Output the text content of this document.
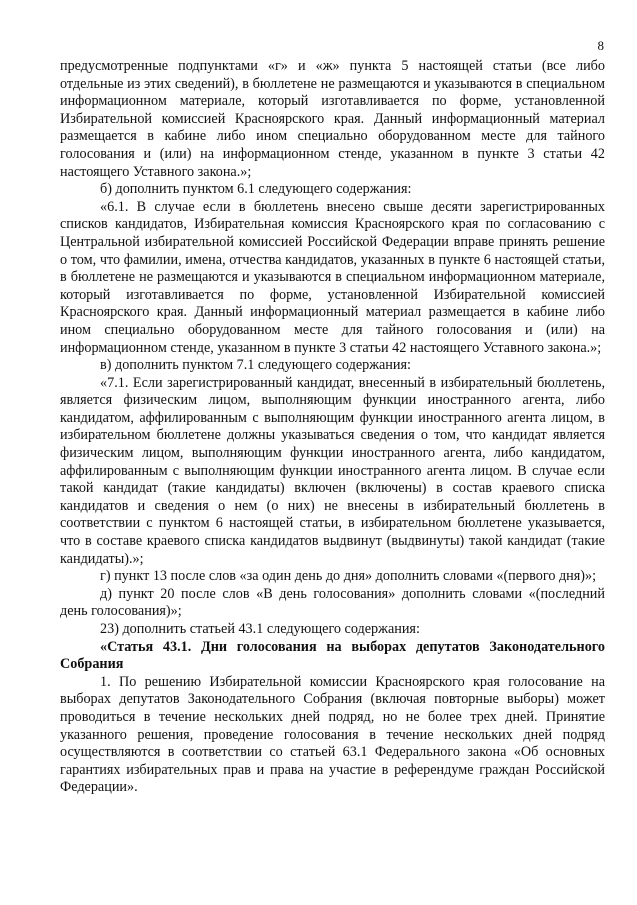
8

предусмотренные подпунктами «г» и «ж» пункта 5 настоящей статьи (все либо отдельные из этих сведений), в бюллетене не размещаются и указываются в специальном информационном материале, который изготавливается по форме, установленной Избирательной комиссией Красноярского края. Данный информационный материал размещается в кабине либо ином специально оборудованном месте для тайного голосования и (или) на информационном стенде, указанном в пункте 3 статьи 42 настоящего Уставного закона.»;

б) дополнить пунктом 6.1 следующего содержания:

«6.1. В случае если в бюллетень внесено свыше десяти зарегистрированных списков кандидатов, Избирательная комиссия Красноярского края по согласованию с Центральной избирательной комиссией Российской Федерации вправе принять решение о том, что фамилии, имена, отчества кандидатов, указанных в пункте 6 настоящей статьи, в бюллетене не размещаются и указываются в специальном информационном материале, который изготавливается по форме, установленной Избирательной комиссией Красноярского края. Данный информационный материал размещается в кабине либо ином специально оборудованном месте для тайного голосования и (или) на информационном стенде, указанном в пункте 3 статьи 42 настоящего Уставного закона.»;

в) дополнить пунктом 7.1 следующего содержания:

«7.1. Если зарегистрированный кандидат, внесенный в избирательный бюллетень, является физическим лицом, выполняющим функции иностранного агента, либо кандидатом, аффилированным с выполняющим функции иностранного агента лицом, в избирательном бюллетене должны указываться сведения о том, что кандидат является физическим лицом, выполняющим функции иностранного агента, либо кандидатом, аффилированным с выполняющим функции иностранного агента лицом. В случае если такой кандидат (такие кандидаты) включен (включены) в состав краевого списка кандидатов и сведения о нем (о них) не внесены в избирательный бюллетень в соответствии с пунктом 6 настоящей статьи, в избирательном бюллетене указывается, что в составе краевого списка кандидатов выдвинут (выдвинуты) такой кандидат (такие кандидаты).»;

г) пункт 13 после слов «за один день до дня» дополнить словами «(первого дня)»;

д) пункт 20 после слов «В день голосования» дополнить словами «(последний день голосования)»;

23) дополнить статьей 43.1 следующего содержания:

«Статья 43.1. Дни голосования на выборах депутатов Законодательного Собрания

1. По решению Избирательной комиссии Красноярского края голосование на выборах депутатов Законодательного Собрания (включая повторные выборы) может проводиться в течение нескольких дней подряд, но не более трех дней. Принятие указанного решения, проведение голосования в течение нескольких дней подряд осуществляются в соответствии со статьей 63.1 Федерального закона «Об основных гарантиях избирательных прав и права на участие в референдуме граждан Российской Федерации».
